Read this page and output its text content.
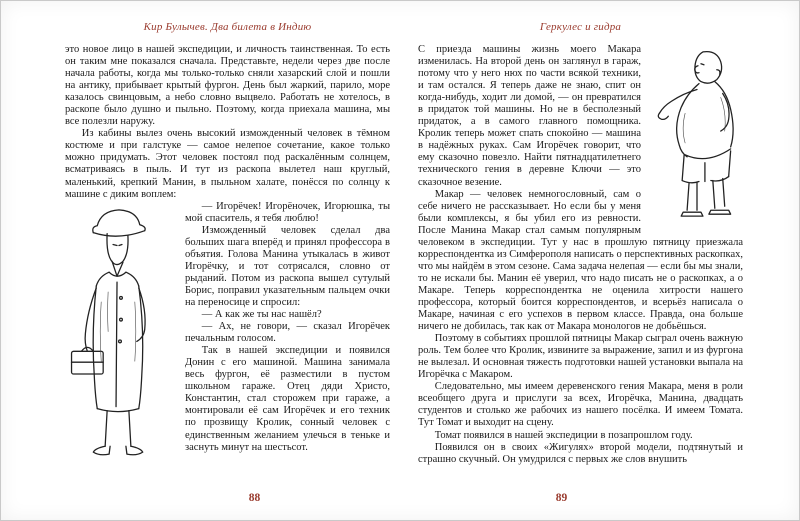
Кир Булычев. Два билета в Индию

это новое лицо в нашей экспедиции, и личность таинственная. То есть он таким мне показался сначала. Представьте, недели через две после начала работы, когда мы только-только сняли хазарский слой и пошли на антику, прибывает крытый фургон. День был жаркий, парило, море казалось свинцовым, а небо словно выцвело. Работать не хотелось, в раскопе было душно и пыльно. Поэтому, когда приехала машина, мы все полезли наружу.

Из кабины вылез очень высокий изможденный человек в тёмном костюме и при галстуке — самое нелепое сочетание, какое только можно придумать. Этот человек постоял под раскалённым солнцем, всматриваясь в пыль. И тут из раскопа вылетел наш круглый, маленький, крепкий Манин, в пыльном халате, понёсся по солнцу к машине с диким воплем:

— Игорёчек! Игорёночек, Игорюшка, ты мой спаситель, я тебя люблю!

Изможденный человек сделал два больших шага вперёд и принял профессора в объятия. Голова Манина утыкалась в живот Игорёчку, и тот сотрясался, словно от рыданий. Потом из раскопа вышел сутулый Борис, поправил указательным пальцем очки на переносице и спросил:

— А как же ты нас нашёл?

— Ах, не говори, — сказал Игорёчек печальным голосом.

Так в нашей экспедиции и появился Донин с его машиной. Машина занимала весь фургон, её разместили в пустом школьном гараже. Отец дяди Христо, Константин, стал сторожем при гараже, а монтировали её сам Игорёчек и его техник по прозвищу Кролик, сонный человек с единственным желанием улечься в теньке и заснуть минут на шестьсот.

88
Геркулес и гидра

С приезда машины жизнь моего Макара изменилась. На второй день он заглянул в гараж, потому что у него нюх по части всякой техники, и там остался. Я теперь даже не знаю, спит он когда-нибудь, ходит ли домой, — он превратился в придаток той машины. Но не в бесполезный придаток, а в самого главного помощника. Кролик теперь может спать спокойно — машина в надёжных руках. Сам Игорёчек говорит, что ему сказочно повезло. Найти пятнадцатилетнего технического гения в деревне Ключи — это сказочное везение.

Макар — человек немногословный, сам о себе ничего не рассказывает. Но если бы у меня были комплексы, я бы убил его из ревности. После Манина Макар стал самым популярным человеком в экспедиции. Тут у нас в прошлую пятницу приезжала корреспондентка из Симферополя написать о перспективных раскопках, что мы найдём в этом сезоне. Сама задача нелепая — если бы мы знали, то не искали бы. Манин её уверил, что надо писать не о раскопках, а о Макаре. Теперь корреспондентка не оценила хитрости нашего профессора, который боится корреспондентов, и всерьёз написала о Макаре, начиная с его успехов в первом классе. Правда, она больше ничего не добилась, так как от Макара монологов не добьёшься.

Поэтому в событиях прошлой пятницы Макар сыграл очень важную роль. Тем более что Кролик, извините за выражение, запил и из фургона не вылезал. И основная тяжесть подготовки нашей установки выпала на Игорёчка с Макаром.

Следовательно, мы имеем деревенского гения Макара, меня в роли всеобщего друга и прислуги за всех, Игорёчка, Манина, двадцать студентов и столько же рабочих из нашего посёлка. И имеем Томата. Тут Томат и выходит на сцену.

Томат появился в нашей экспедиции в позапрошлом году.

Появился он в своих «Жигулях» второй модели, подтянутый и страшно скучный. Он умудрился с первых же слов внушить

89
